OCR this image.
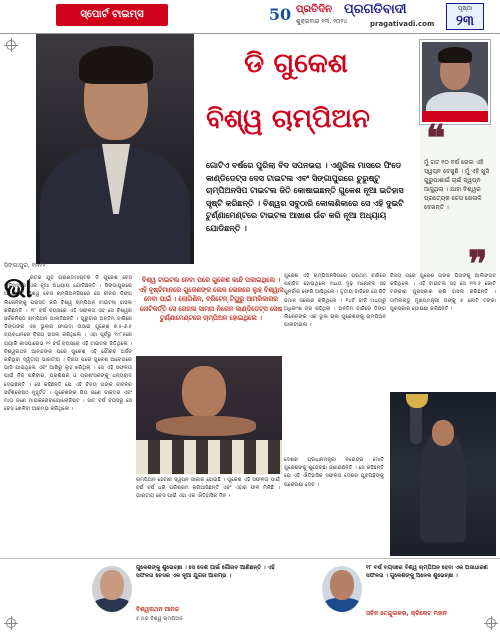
ସ୍ପୋର୍ଟ ଟାଇମ୍ସ	50 ପ୍ରତିଦିନ ପ୍ରଗତିବାଦୀ
ଶୁକ୍ରବାର ୧୩, ୨୦୨୪	pragativadi.com
ପୃଷ୍ଠା
୨୩
ଡି ଗୁକେଶ
ବିଶ୍ୱ ଚାମ୍ପିଅନ
ଗୋଟିଏ ବର୍ଷରେ ପୁରିଲା ବିଦ ସପନଭରା । ଏଣ୍ଟ୍ରିଲ ମାସରେ ଫିଡେ କାଣ୍ଡିଡେଟ୍ସ ଦେସ ଟାଇଟଲ ଏବଂ ସିଙ୍ଗାପୁରରେ ଚୁରୁଷ୍ଟୁ ଚାମ୍ପିଅନସିପ ଟାଇଟଲ ଜିତି କୋଷାଇଛନ୍ତି ଗୁକେଶ ନୂଆ ଇତିହାସ ସୃଷ୍ଟି କରିଛନ୍ତି । ବିଶ୍ୱର ସବୁଠାରି କୋଳାଶିକାରେ ସେ ଏହି ଦୁଇଟି ଟୁର୍ଣ୍ଣାମେଣ୍ଟରେ ଟାଇଟଲ ଆଖାଶ ଉଁଚ କରି ନୂଆ ଅଧ୍ୟାୟ ଯୋଡିଛନ୍ତି ।
❝
ମୁଁ ଗତ ୧୦ ବର୍ଷ ରେଲ ଏହି ସ୍ୱପ୍ନ ଦେଖୁଛି । ମୁଁ ଏହି ଖୁସି ଗୁରୁପାଶାଇଁ ଚାଇଁ ସ୍ୱପ୍ନ ଆସୁଥିଲା । ଯାହା ବିଶ୍ୱର ପ୍ରତ୍ୟେକ ଚେସ ଖେଳାଳି ଦେଖନ୍ତି ।
❞
ସିଙ୍ଗାପୁର, ୧୨ା୧୨
ଭା
ରତର ଯୁବ ଗ୍ରାଣ୍ଡମାଷ୍ଟର ଡି ଗୁକେଶ ଚେସ ଇତିହାସରେ ଏକ ନୂଆ ଅଧ୍ୟାୟ ଯୋଡିଛନ୍ତି । ସିଙ୍ଗାପୁରରେ ଆୟୋଜିତ ବିଶ୍ୱ ଚେସ ଚାମ୍ପିଅନସିପରେ ସେ ଚୀନର ଡିଙ୍ଗ ଲିରେନଙ୍କୁ ପରାସ୍ତ କରି ବିଶ୍ୱ ଚାମ୍ପିଅନ ଟାଇଟଲ ହାସଲ କରିଛନ୍ତି । ୧୮ ବର୍ଷ ବୟସରେ ଏହି ସଫଳତା ସହ ସେ ବିଶ୍ୱର ସର୍ବକନିଷ୍ଠ ଚାମ୍ପିଅନ ପାଲଟିଛନ୍ତି । ଗୁରୁବାର ଅନ୍ତିମ ବାଜିରେ ଡିଙ୍ଗଙ୍କ ଏକ ଭୁଲର ଫାଇଦା ଉଠାଇ ଗୁକେଶ ୭.୫-୬.୫ ବ୍ୟବଧାନରେ ବିଜୟ ହାସଲ କରିଥିଲେ । ଏହା ପୂର୍ବରୁ ୧୯୮୫ରେ ଗ୍ୟାରି କାସପାରୋଭ ୨୨ ବର୍ଷ ବୟସରେ ଏହି ଟାଇଟଲ ଜିତିଥିଲେ । ବିଶ୍ୱନାଥନ ଆନନ୍ଦଙ୍କ ପରେ ଗୁକେଶ ଏହି ଗୌରବ ଅର୍ଜନ କରିଥିବା ଦ୍ୱିତୀୟ ଭାରତୀୟ । ବିଜୟ ପରେ ଗୁକେଶ ଆବେଗରେ ଭାସି ଯାଇଥିଲେ ଏବଂ ଆଖିରୁ ଲୁହ ଝରିଥିଲା । ସେ ଏହି ସଫଳତା ପାଇଁ ନିଜ ପରିବାର, ପ୍ରଶିକ୍ଷକ ଓ ପ୍ରଶଂସକଙ୍କୁ ଧନ୍ୟବାଦ ଦେଇଛନ୍ତି । ସେ କହିଛନ୍ତି ଯେ ଏହି ବିଜୟ ତାଙ୍କ ଜୀବନର ସର୍ବଶ୍ରେଷ୍ଠ ମୁହୂର୍ତ୍ତ । ଗୁକେଶଙ୍କ ପିତା ଜଣେ ଡାକ୍ତର ଏବଂ ମାତା ଜଣେ ମାଇକ୍ରୋବାୟୋଲୋଜିଷ୍ଟ । ସାତ ବର୍ଷ ବୟସରୁ ସେ ଚେସ ଖେଳିବା ଆରମ୍ଭ କରିଥିଲେ ।
ବିଶ୍ୱ ଟାଇଟଲ ନେବା ପରେ ଗୁକେଶ କାନ୍ଦି ପକାଇଥିଲେ । ଏହି ବୃଷ୍ଟିମାନରେ ଗୁକେଶଙ୍କ ଲେଳ ଲେଳରେ ଲୁହ ବିଶ୍ୱାସ ନେବା ପାଇଁ । ଲୋଗିଶିନ, ବ୍ରିଟେନ୍ ଟିୟୁରୁ ଆମରିକାରର ନୋଟିକର୍ତ୍ତି ସେ ରେଜଲ ସାମନା ନିରେନ କାଣ୍ଡିଡେଟ୍ସ ସେଷ ଟୁର୍ଣ୍ଣାମେଣ୍ଟରେ ଚାମ୍ପିଅନ ହୋଇଥିଲେ ।
ଚାମ୍ପିଅନ ହେବାର ସ୍ୱପ୍ନ ସାକାର ହୋଇଛି । ଗୁକେଶ ଏହି ସଫଳତା ପାଇଁ ବର୍ଷ ବର୍ଷ ଧରି ପରିଶ୍ରମ କରିଆସିଛନ୍ତି ଏବଂ ଏହାର ଫଳ ମିଳିଛି । ଭାରତୀୟ ଚେସ ପାଇଁ ଏହା ଏକ ଐତିହାସିକ ଦିନ ।
ଗୁକେଶ ଏହି ଚାମ୍ପିଅନସିପରେ ପ୍ରଥମ ବାଜିରେ ପରାଜିତ ହୋଇଥିଲେ ମଧ୍ୟ ଦୃଢ଼ ମନୋବଳ ସହ ପୁନର୍ବାର ଫେରି ଆସିଥିଲେ । ତୃତୀୟ ବାଜିରେ ସେ ଜିତି ସମାନ ସ୍କୋର କରିଥିଲେ । ୧୪ଟି ବାଜି ମଧ୍ୟରୁ ଅଧିକାଂଶ ଡ୍ର ରହିଥିଲା । ଅନ୍ତିମ ବାଜିରେ ଡିଙ୍ଗ ଲିରେନଙ୍କ ଏକ ଭୁଲ ଚାଲ ଗୁକେଶଙ୍କୁ ଚାମ୍ପିଅନ ପାଲଟାଇଲା ।
ବିଜୟ ପରେ ଗୁକେଶ ତାଙ୍କ ପିତାଙ୍କୁ ଆଲିଙ୍ଗନ କରିଥିଲେ । ଏହି ଟାଇଟଲ ସହ ସେ ୧୩.୫ କୋଟି ଟଙ୍କାର ପୁରସ୍କାର ରାଶି ହାସଲ କରିଛନ୍ତି । ତାମିଲନାଡୁ ମୁଖ୍ୟମନ୍ତ୍ରୀ ତାଙ୍କୁ ୫ କୋଟି ଟଙ୍କା ପୁରସ୍କାର ଘୋଷଣା କରିଛନ୍ତି ।
ଦେଶର ପ୍ରଧାନମନ୍ତ୍ରୀ ନରେନ୍ଦ୍ର ମୋଦି ଗୁକେଶଙ୍କୁ ଶୁଭେଚ୍ଛା ଜଣାଇଛନ୍ତି । ସେ କହିଛନ୍ତି ଯେ ଏହି ଐତିହାସିକ ସଫଳତା ଦେଶର ଯୁବପିଢ଼ିଙ୍କୁ ପ୍ରେରଣା ଦେବ ।
ଗୁକେଶଙ୍କୁ ଶୁଭେଚ୍ଛା । ସେ ଦେଶ ପାଇଁ ଗୌରବ ଆଣିଛନ୍ତି । ଏହି ସଫଳତା ଚେସର ଏକ ନୂଆ ଯୁଗର ଆରମ୍ଭ ।
ବିଶ୍ୱନାଥନ ଆନନ୍ଦ
୫ ଥର ବିଶ୍ୱ ଚାମ୍ପିଅନ
୧୮ ବର୍ଷ ବୟସରେ ବିଶ୍ୱ ଚାମ୍ପିଅନ ହେବା ଏକ ଅସାଧାରଣ ସଫଳତା । ଗୁକେଶଙ୍କୁ ଅନେକ ଶୁଭେଚ୍ଛା ।
ସଚିନ ତେନ୍ଦୁଲକର, କ୍ରିକେଟ ମହାନ
